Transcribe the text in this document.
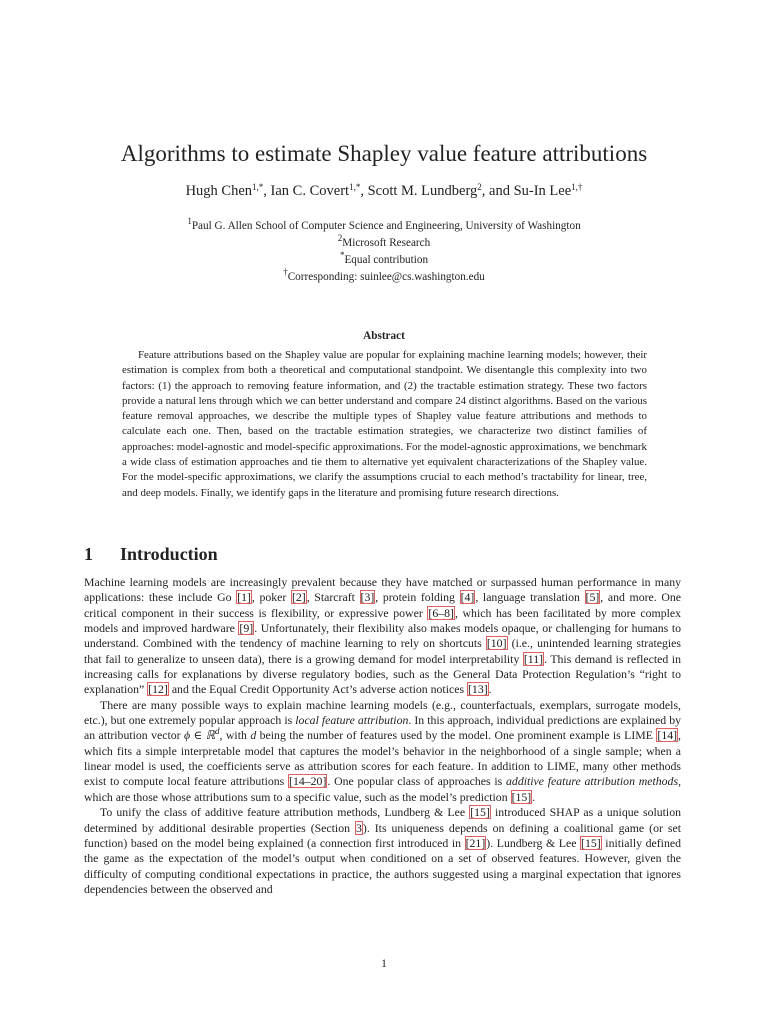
Algorithms to estimate Shapley value feature attributions
Hugh Chen$^{1,*}$, Ian C. Covert$^{1,*}$, Scott M. Lundberg$^2$, and Su-In Lee$^{1,\dagger}$
$^1$Paul G. Allen School of Computer Science and Engineering, University of Washington
$^2$Microsoft Research
*Equal contribution
†Corresponding: suinlee@cs.washington.edu
Abstract

Feature attributions based on the Shapley value are popular for explaining machine learning models; however, their estimation is complex from both a theoretical and computational standpoint. We disentangle this complexity into two factors: (1) the approach to removing feature information, and (2) the tractable estimation strategy. These two factors provide a natural lens through which we can better understand and compare 24 distinct algorithms. Based on the various feature removal approaches, we describe the multiple types of Shapley value feature attributions and methods to calculate each one. Then, based on the tractable estimation strategies, we characterize two distinct families of approaches: model-agnostic and model-specific approximations. For the model-agnostic approximations, we benchmark a wide class of estimation approaches and tie them to alternative yet equivalent characterizations of the Shapley value. For the model-specific approximations, we clarify the assumptions crucial to each method’s tractability for linear, tree, and deep models. Finally, we identify gaps in the literature and promising future research directions.

1 Introduction

Machine learning models are increasingly prevalent because they have matched or surpassed human performance in many applications: these include Go [1], poker [2], Starcraft [3], protein folding [4], language translation [5], and more. One critical component in their success is flexibility, or expressive power [6–8], which has been facilitated by more complex models and improved hardware [9]. Unfortunately, their flexibility also makes models opaque, or challenging for humans to understand. Combined with the tendency of machine learning to rely on shortcuts [10] (i.e., unintended learning strategies that fail to generalize to unseen data), there is a growing demand for model interpretability [11]. This demand is reflected in increasing calls for explanations by diverse regulatory bodies, such as the General Data Protection Regulation’s “right to explanation” [12] and the Equal Credit Opportunity Act’s adverse action notices [13].

There are many possible ways to explain machine learning models (e.g., counterfactuals, exemplars, surrogate models, etc.), but one extremely popular approach is local feature attribution. In this approach, individual predictions are explained by an attribution vector ϕ ∈ ℝ$^d$, with d being the number of features used by the model. One prominent example is LIME [14], which fits a simple interpretable model that captures the model’s behavior in the neighborhood of a single sample; when a linear model is used, the coefficients serve as attribution scores for each feature. In addition to LIME, many other methods exist to compute local feature attributions [14–20]. One popular class of approaches is additive feature attribution methods, which are those whose attributions sum to a specific value, such as the model’s prediction [15].

To unify the class of additive feature attribution methods, Lundberg & Lee [15] introduced SHAP as a unique solution determined by additional desirable properties (Section 3). Its uniqueness depends on defining a coalitional game (or set function) based on the model being explained (a connection first introduced in [21]). Lundberg & Lee [15] initially defined the game as the expectation of the model’s output when conditioned on a set of observed features. However, given the difficulty of computing conditional expectations in practice, the authors suggested using a marginal expectation that ignores dependencies between the observed and

1
